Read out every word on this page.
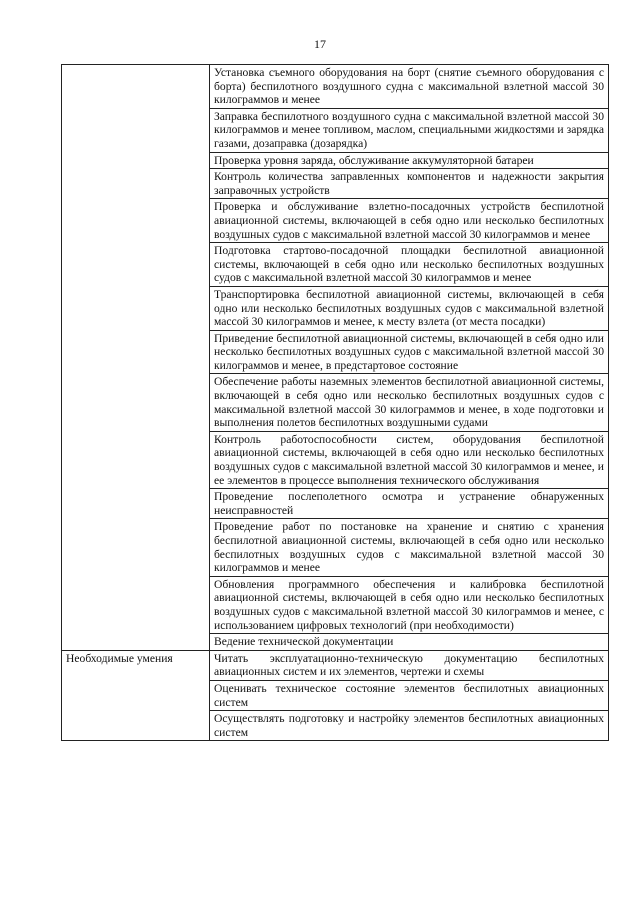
17
	Установка съемного оборудования на борт (снятие съемного оборудования с борта) беспилотного воздушного судна с максимальной взлетной массой 30 килограммов и менее
	Заправка беспилотного воздушного судна с максимальной взлетной массой 30 килограммов и менее топливом, маслом, специальными жидкостями и зарядка газами, дозаправка (дозарядка)
	Проверка уровня заряда, обслуживание аккумуляторной батареи
	Контроль количества заправленных компонентов и надежности закрытия заправочных устройств
	Проверка и обслуживание взлетно-посадочных устройств беспилотной авиационной системы, включающей в себя одно или несколько беспилотных воздушных судов с максимальной взлетной массой 30 килограммов и менее
	Подготовка стартово-посадочной площадки беспилотной авиационной системы, включающей в себя одно или несколько беспилотных воздушных судов с максимальной взлетной массой 30 килограммов и менее
	Транспортировка беспилотной авиационной системы, включающей в себя одно или несколько беспилотных воздушных судов с максимальной взлетной массой 30 килограммов и менее, к месту взлета (от места посадки)
	Приведение беспилотной авиационной системы, включающей в себя одно или несколько беспилотных воздушных судов с максимальной взлетной массой 30 килограммов и менее, в предстартовое состояние
	Обеспечение работы наземных элементов беспилотной авиационной системы, включающей в себя одно или несколько беспилотных воздушных судов с максимальной взлетной массой 30 килограммов и менее, в ходе подготовки и выполнения полетов беспилотных воздушными судами
	Контроль работоспособности систем, оборудования беспилотной авиационной системы, включающей в себя одно или несколько беспилотных воздушных судов с максимальной взлетной массой 30 килограммов и менее, и ее элементов в процессе выполнения технического обслуживания
	Проведение послеполетного осмотра и устранение обнаруженных неисправностей
	Проведение работ по постановке на хранение и снятию с хранения беспилотной авиационной системы, включающей в себя одно или несколько беспилотных воздушных судов с максимальной взлетной массой 30 килограммов и менее
	Обновления программного обеспечения и калибровка беспилотной авиационной системы, включающей в себя одно или несколько беспилотных воздушных судов с максимальной взлетной массой 30 килограммов и менее, с использованием цифровых технологий (при необходимости)
	Ведение технической документации
Необходимые умения	Читать эксплуатационно-техническую документацию беспилотных авиационных систем и их элементов, чертежи и схемы
	Оценивать техническое состояние элементов беспилотных авиационных систем
	Осуществлять подготовку и настройку элементов беспилотных авиационных систем
